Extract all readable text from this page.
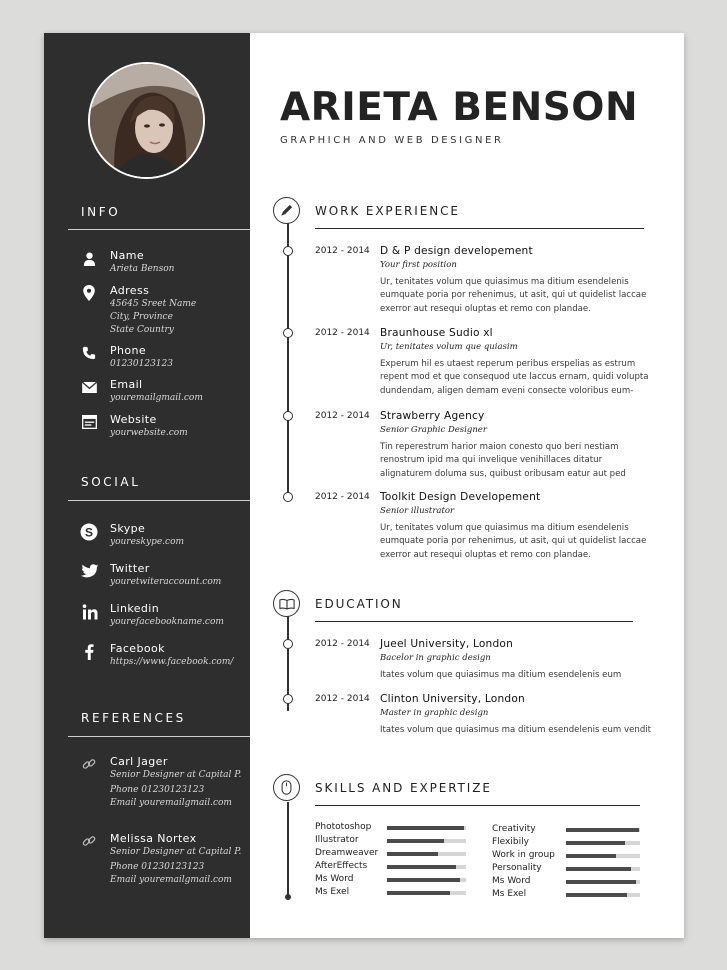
INFO
Name
Arieta Benson
Adress
45645 Sreet Name
City, Province
State Country
Phone
01230123123
Email
youremailgmail.com
Website
yourwebsite.com
SOCIAL
S Skype
youreskype.com
Twitter
youretwiteraccount.com
Linkedin
yourefacebookname.com
Facebook
https://www.facebook.com/
REFERENCES
Carl Jager
Senior Designer at Capital P.
Phone 01230123123
Email youremailgmail.com
Melissa Nortex
Senior Designer at Capital P.
Phone 01230123123
Email youremailgmail.com
ARIETA BENSON
GRAPHICH AND WEB DESIGNER
WORK EXPERIENCE
2012 - 2014 D & P design developement
Your first position
Ur, tenitates volum que quiasimus ma ditium esendelenis eumquate poria por rehenimus, ut asit, qui ut quidelist laccae exerror aut resequi oluptas et remo con plandae.
2012 - 2014 Braunhouse Sudio xl
Ur, tenitates volum que quiasim
Experum hil es utaest reperum peribus erspelias as estrum repent mod et que consequod ute laccus ernam, quidi volupta dundendam, aligen demam eveni consecte voloribus eum-
2012 - 2014 Strawberry Agency
Senior Graphic Designer
Tin reperestrum harior maion conesto quo beri nestiam renostrum ipid ma qui invelique venihillaces ditatur alignaturem doluma sus, quibust oribusam eatur aut ped
2012 - 2014 Toolkit Design Developement
Senior illustrator
Ur, tenitates volum que quiasimus ma ditium esendelenis eumquate poria por rehenimus, ut asit, qui ut quidelist laccae exerror aut resequi oluptas et remo con plandae.
EDUCATION
2012 - 2014 Jueel University, London
Bacelor in graphic design
Itates volum que quiasimus ma ditium esendelenis eum
2012 - 2014 Clinton University, London
Master in graphic design
Itates volum que quiasimus ma ditium esendelenis eum vendit
SKILLS AND EXPERTIZE
Phototoshop
Illustrator
Dreamweaver
AfterEffects
Ms Word
Ms Exel
Creativity
Flexibily
Work in group
Personality
Ms Word
Ms Exel
